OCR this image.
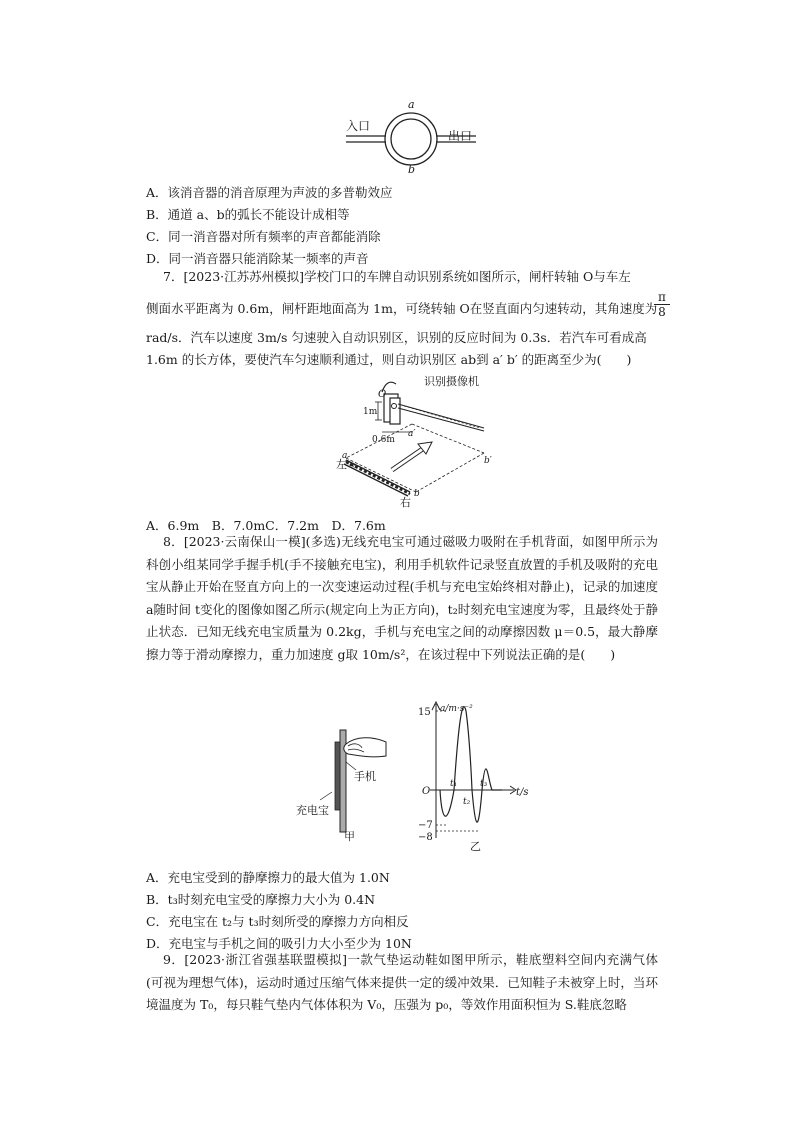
入口
出口
a
b
A．该消音器的消音原理为声波的多普勒效应
B．通道 a、b的弧长不能设计成相等
C．同一消音器对所有频率的声音都能消除
D．同一消音器只能消除某一频率的声音
7．[2023·江苏苏州模拟]学校门口的车牌自动识别系统如图所示，闸杆转轴 O与车左
侧面水平距离为 0.6m，闸杆距地面高为 1m，可绕转轴 O在竖直面内匀速转动，其角速度为
$\frac{\pi}{8}$
rad/s．汽车以速度 3m/s 匀速驶入自动识别区，识别的反应时间为 0.3s．若汽车可看成高
1.6m 的长方体，要使汽车匀速顺利通过，则自动识别区 ab到 a′ b′ 的距离至少为(　　)
识别摄像机
O
1m
0.6m
a′
b′
a
b
左
右
A．6.9m　B．7.0mC．7.2m　D．7.6m
8．[2023·云南保山一模](多选)无线充电宝可通过磁吸力吸附在手机背面，如图甲所示为科创小组某同学手握手机(手不接触充电宝)，利用手机软件记录竖直放置的手机及吸附的充电宝从静止开始在竖直方向上的一次变速运动过程(手机与充电宝始终相对静止)，记录的加速度 a随时间 t变化的图像如图乙所示(规定向上为正方向)，t₂时刻充电宝速度为零，且最终处于静止状态．已知无线充电宝质量为 0.2kg，手机与充电宝之间的动摩擦因数 μ＝0.5，最大静摩擦力等于滑动摩擦力，重力加速度 g取 10m/s²，在该过程中下列说法正确的是(　　)
手机
充电宝
甲
a/m·s⁻²
t/s
O
15
−7
−8
t₁
t₂
t₃
乙
A．充电宝受到的静摩擦力的最大值为 1.0N
B．t₃时刻充电宝受的摩擦力大小为 0.4N
C．充电宝在 t₂与 t₃时刻所受的摩擦力方向相反
D．充电宝与手机之间的吸引力大小至少为 10N
9．[2023·浙江省强基联盟模拟]一款气垫运动鞋如图甲所示，鞋底塑料空间内充满气体(可视为理想气体)，运动时通过压缩气体来提供一定的缓冲效果．已知鞋子未被穿上时，当环境温度为 T₀，每只鞋气垫内气体体积为 V₀，压强为 p₀，等效作用面积恒为 S.鞋底忽略
